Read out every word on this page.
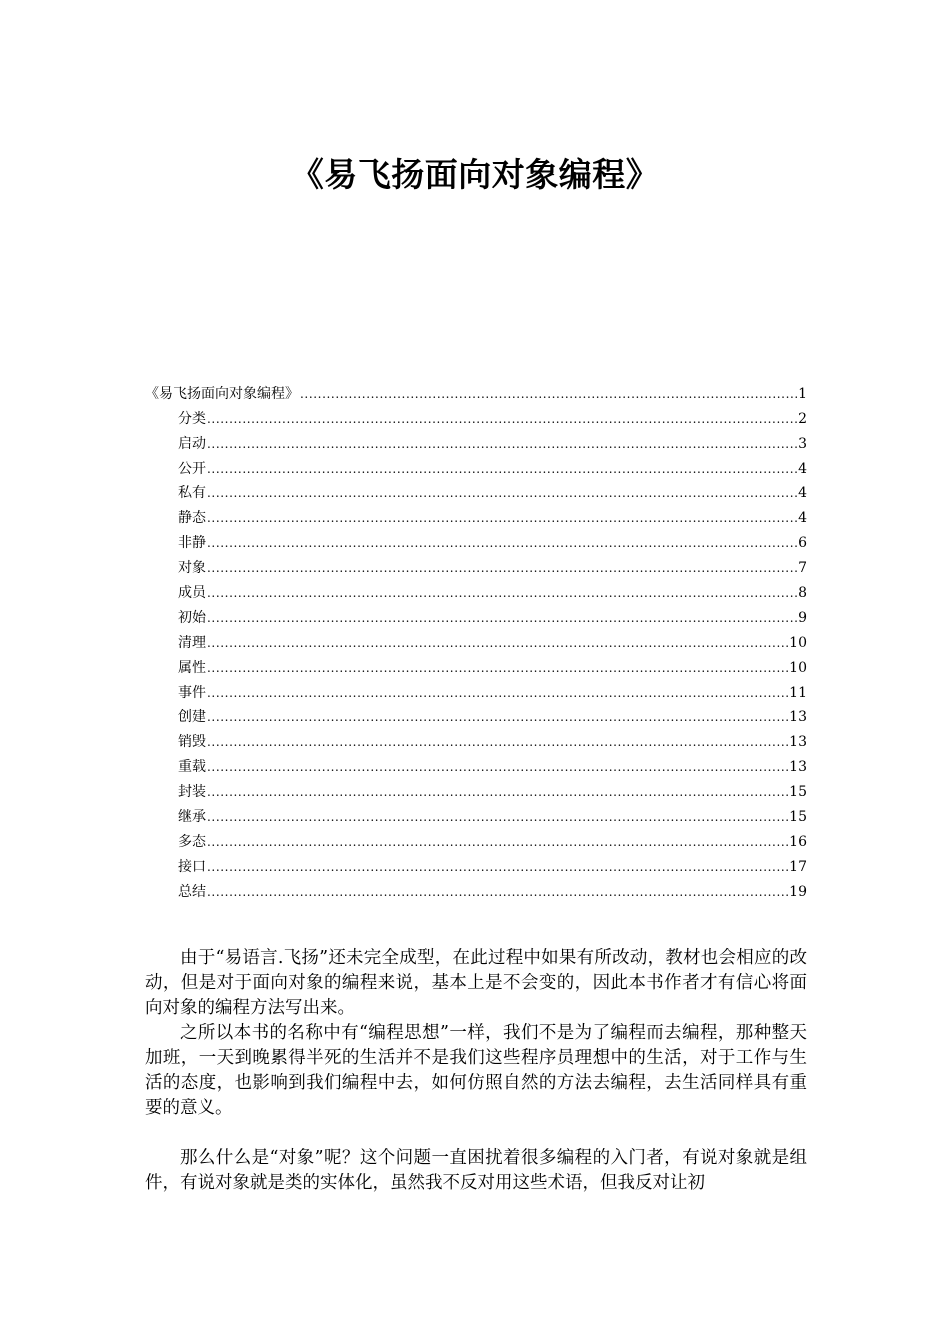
《易飞扬面向对象编程》
《易飞扬面向对象编程》 .....	1
分类 .....	2
启动 .....	3
公开 .....	4
私有 .....	4
静态 .....	4
非静 .....	6
对象 .....	7
成员 .....	8
初始 .....	9
清理 .....	10
属性 .....	10
事件 .....	11
创建 .....	13
销毁 .....	13
重载 .....	13
封装 .....	15
继承 .....	15
多态 .....	16
接口 .....	17
总结 .....	19

由于“易语言.飞扬”还未完全成型，在此过程中如果有所改动，教材也会相应的改动，但是对于面向对象的编程来说，基本上是不会变的，因此本书作者才有信心将面向对象的编程方法写出来。

之所以本书的名称中有“编程思想”一样，我们不是为了编程而去编程，那种整天加班，一天到晚累得半死的生活并不是我们这些程序员理想中的生活，对于工作与生活的态度，也影响到我们编程中去，如何仿照自然的方法去编程，去生活同样具有重要的意义。

那么什么是“对象”呢？这个问题一直困扰着很多编程的入门者，有说对象就是组件，有说对象就是类的实体化，虽然我不反对用这些术语，但我反对让初
